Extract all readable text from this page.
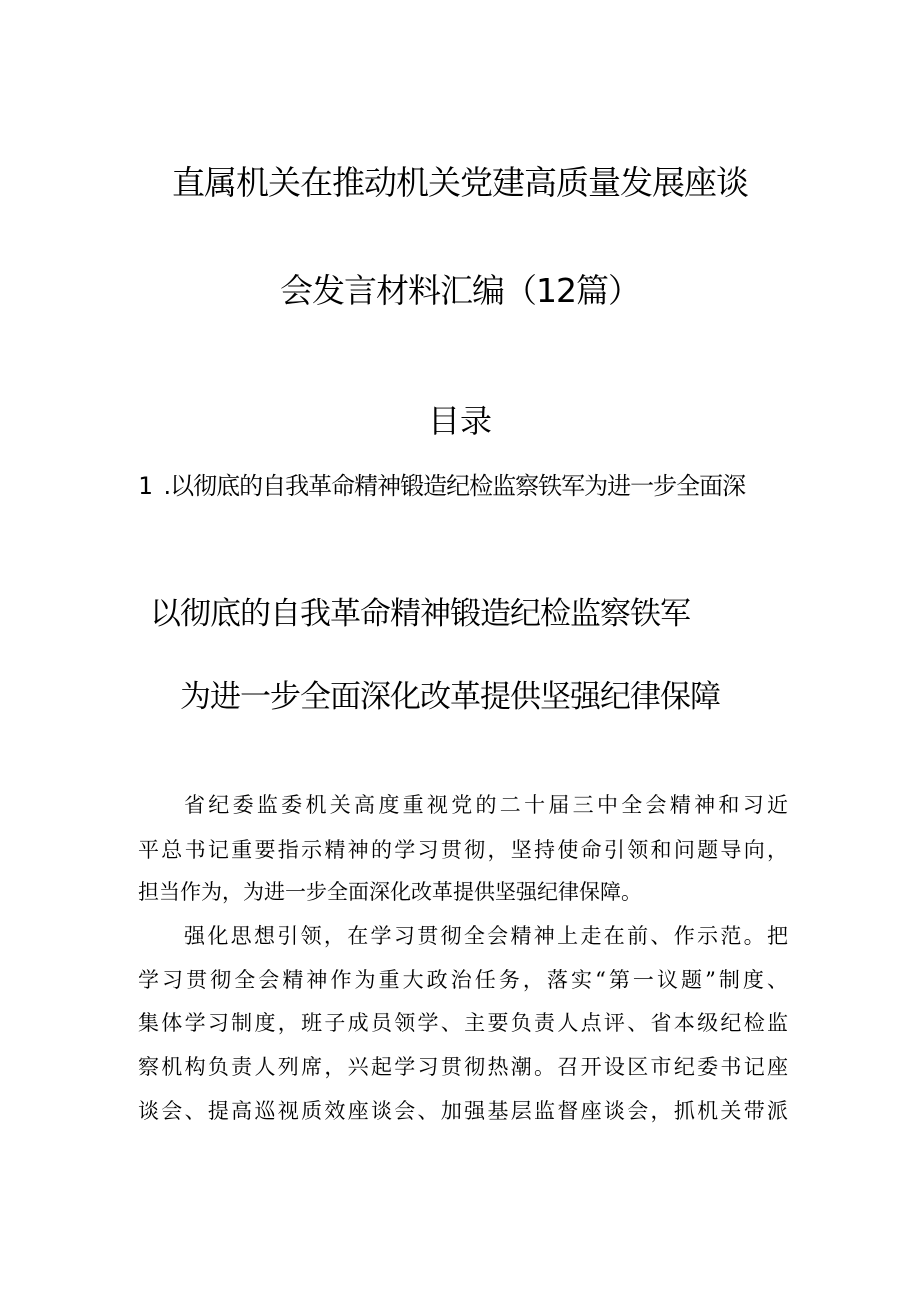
直属机关在推动机关党建高质量发展座谈
会发言材料汇编（12篇）
目录
1 .以彻底的自我革命精神锻造纪检监察铁军为进一步全面深
以彻底的自我革命精神锻造纪检监察铁军
为进一步全面深化改革提供坚强纪律保障
省纪委监委机关高度重视党的二十届三中全会精神和习近
平总书记重要指示精神的学习贯彻，坚持使命引领和问题导向，
担当作为，为进一步全面深化改革提供坚强纪律保障。
强化思想引领，在学习贯彻全会精神上走在前、作示范。把
学习贯彻全会精神作为重大政治任务，落实“第一议题”制度、
集体学习制度，班子成员领学、主要负责人点评、省本级纪检监
察机构负责人列席，兴起学习贯彻热潮。召开设区市纪委书记座
谈会、提高巡视质效座谈会、加强基层监督座谈会，抓机关带派
